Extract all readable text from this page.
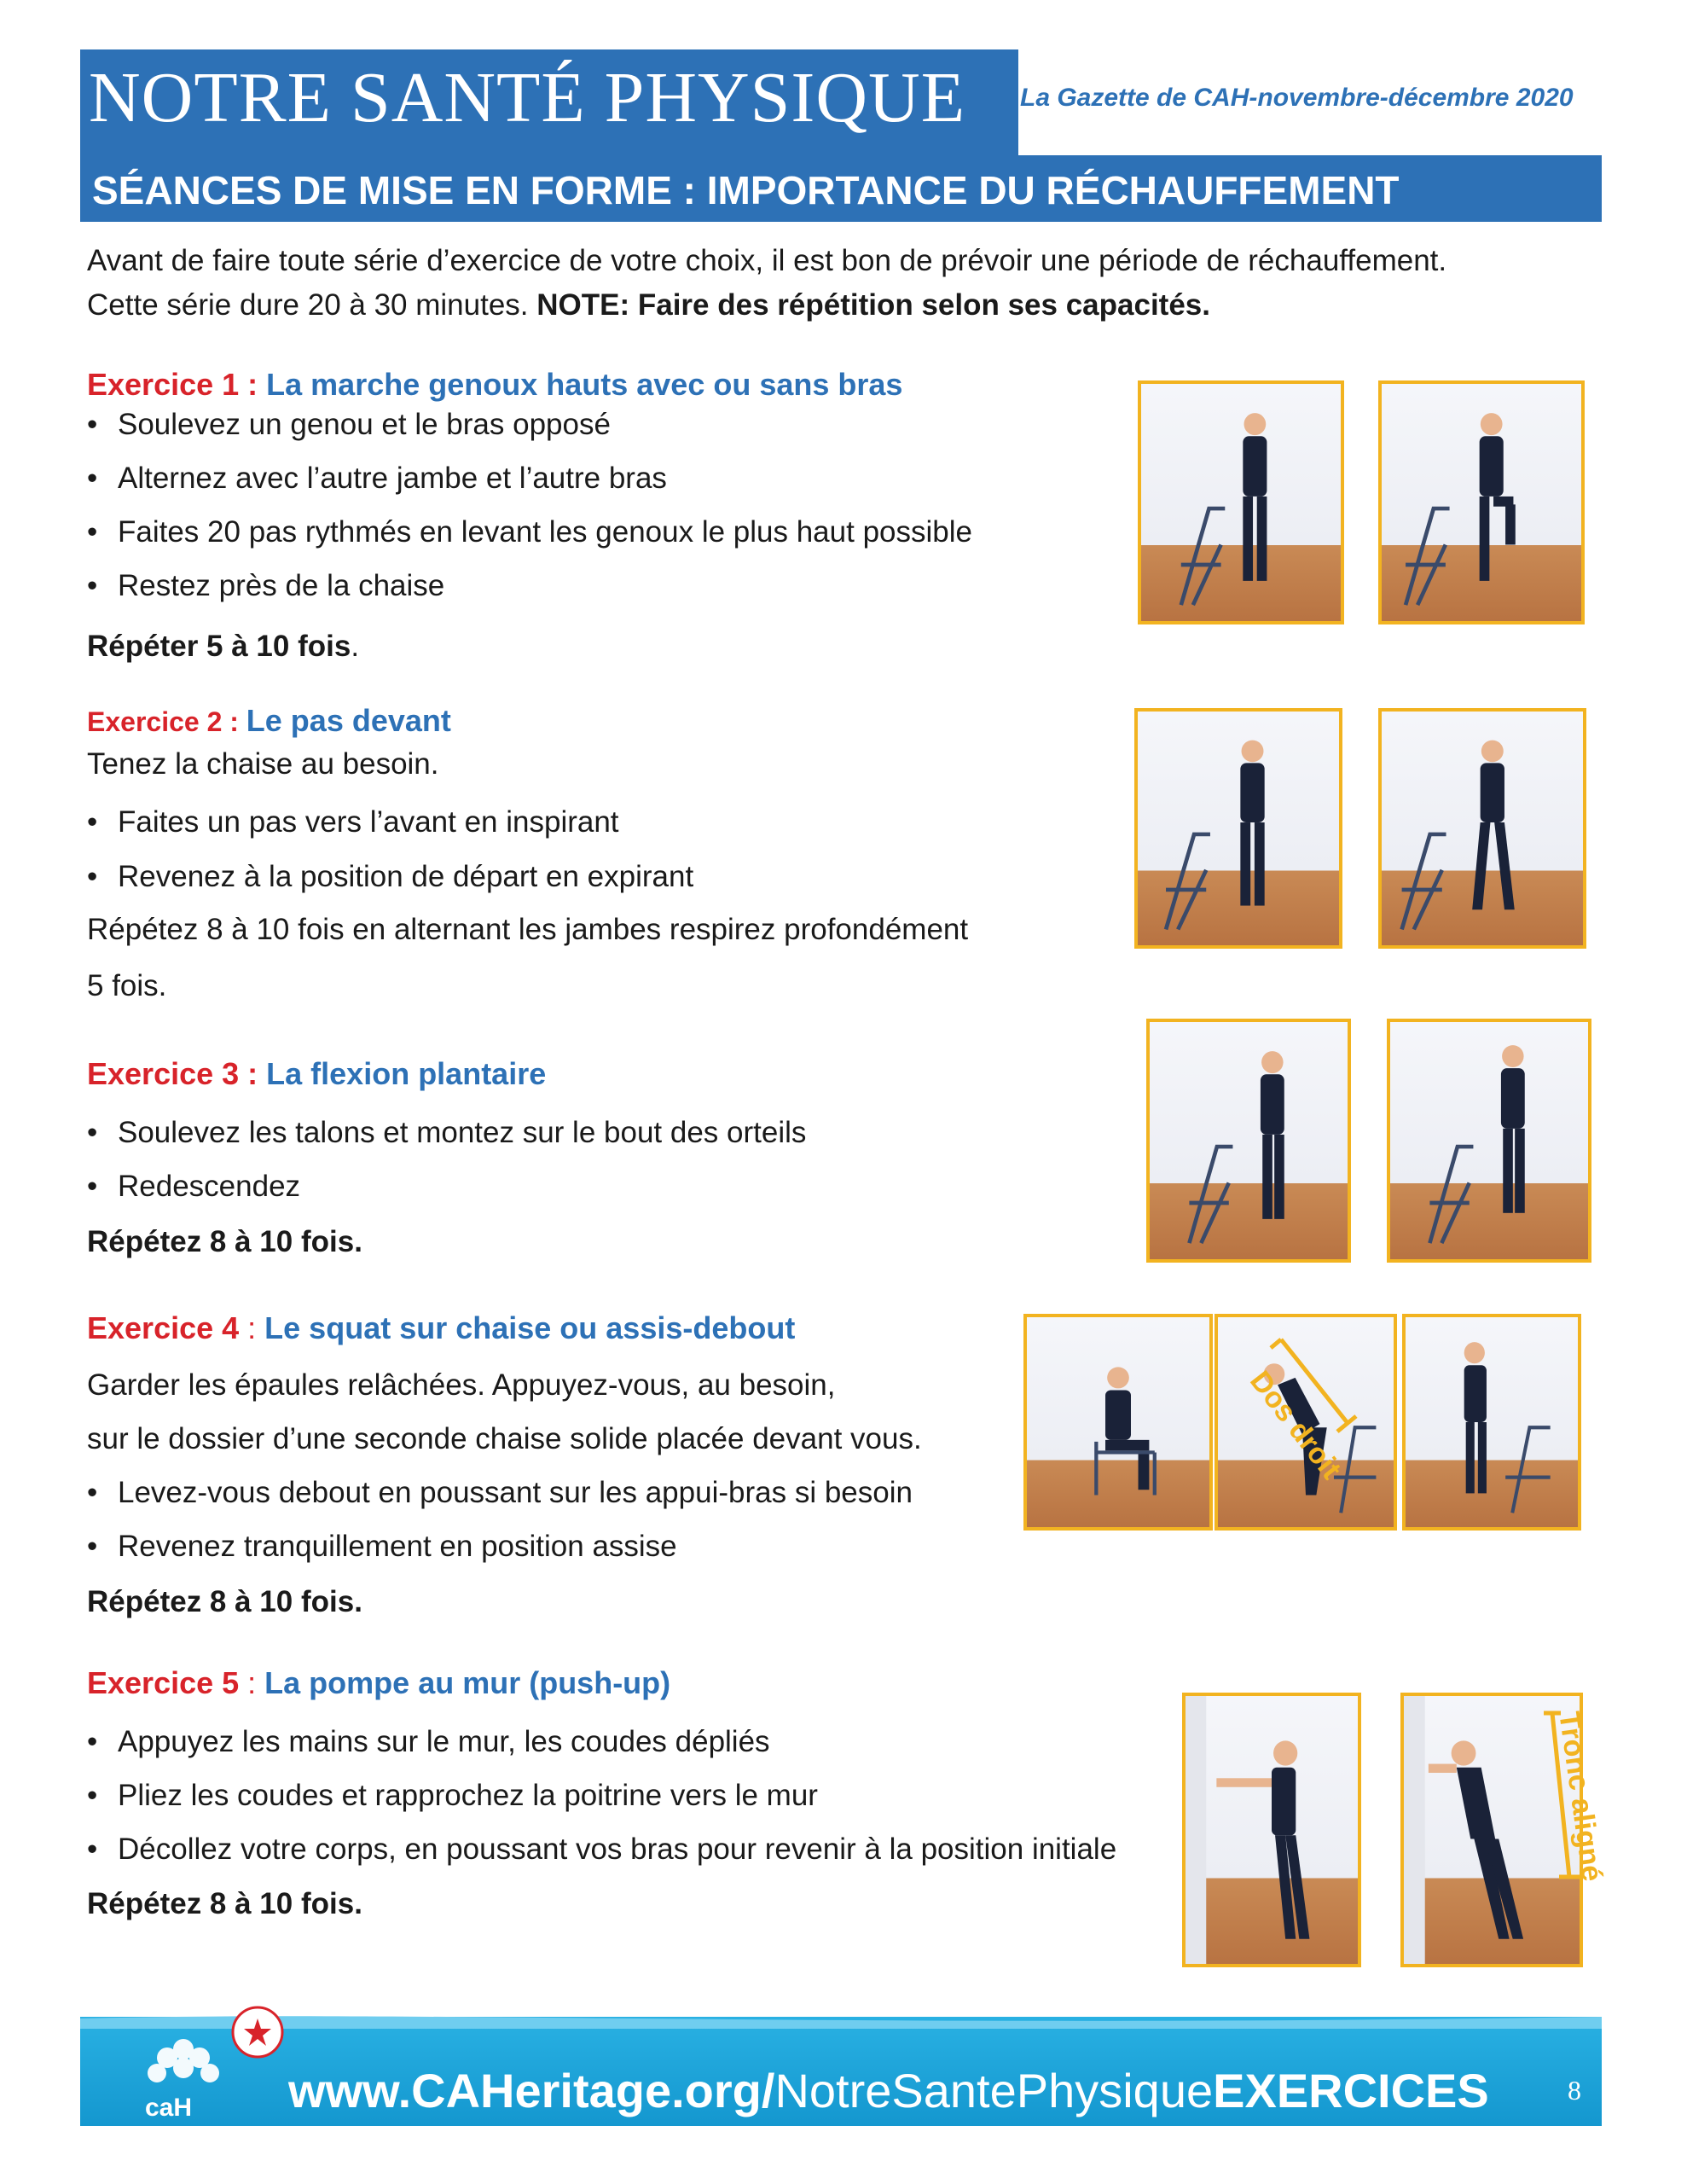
NOTRE SANTÉ PHYSIQUE La Gazette de CAH-novembre-décembre 2020
SÉANCES DE MISE EN FORME : IMPORTANCE DU RÉCHAUFFEMENT
Avant de faire toute série d’exercice de votre choix, il est bon de prévoir une période de réchauffement.
Cette série dure 20 à 30 minutes. NOTE: Faire des répétition selon ses capacités.
Exercice 1 : La marche genoux hauts avec ou sans bras
• Soulevez un genou et le bras opposé
• Alternez avec l’autre jambe et l’autre bras
• Faites 20 pas rythmés en levant les genoux le plus haut possible
• Restez près de la chaise
Répéter 5 à 10 fois.
Exercice 2 : Le pas devant
Tenez la chaise au besoin.
• Faites un pas vers l’avant en inspirant
• Revenez à la position de départ en expirant
Répétez 8 à 10 fois en alternant les jambes respirez profondément
5 fois.
Exercice 3 : La flexion plantaire
• Soulevez les talons et montez sur le bout des orteils
• Redescendez
Répétez 8 à 10 fois.
Exercice 4 : Le squat sur chaise ou assis-debout
Garder les épaules relâchées. Appuyez-vous, au besoin,
sur le dossier d’une seconde chaise solide placée devant vous.
• Levez-vous debout en poussant sur les appui-bras si besoin
• Revenez tranquillement en position assise
Répétez 8 à 10 fois.
Exercice 5 : La pompe au mur (push-up)
• Appuyez les mains sur le mur, les coudes dépliés
• Pliez les coudes et rapprochez la poitrine vers le mur
• Décollez votre corps, en poussant vos bras pour revenir à la position initiale
Répétez 8 à 10 fois.
Dos droit
Tronc aligné
caH www.CAHeritage.org/NotreSantePhysiqueEXERCICES	8
